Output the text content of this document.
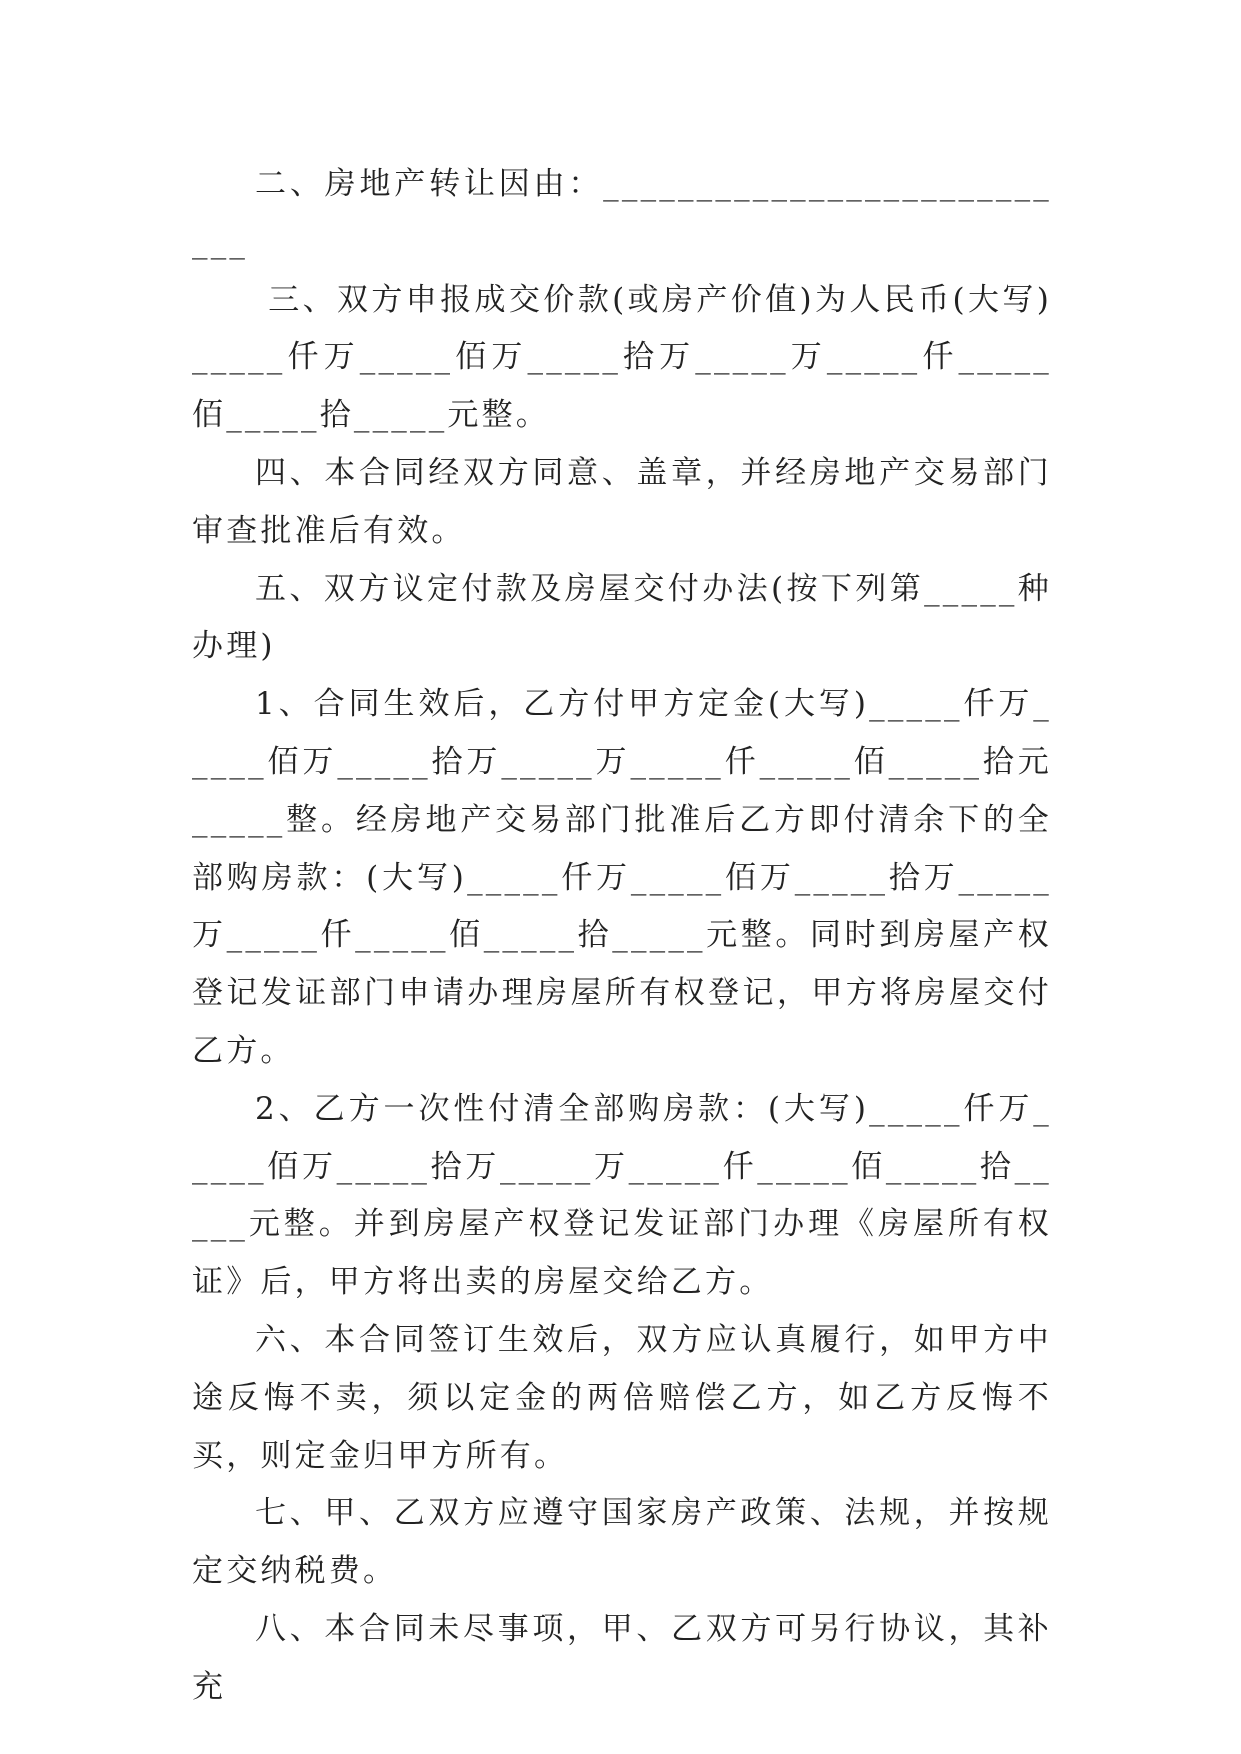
二、房地产转让因由：___________________________

三、双方申报成交价款(或房产价值)为人民币(大写)_____仟万_____佰万_____拾万_____万_____仟_____佰_____拾_____元整。

四、本合同经双方同意、盖章，并经房地产交易部门审查批准后有效。

五、双方议定付款及房屋交付办法(按下列第_____种办理)

1、合同生效后，乙方付甲方定金(大写)_____仟万_____佰万_____拾万_____万_____仟_____佰_____拾元_____整。经房地产交易部门批准后乙方即付清余下的全部购房款：(大写)_____仟万_____佰万_____拾万_____万_____仟_____佰_____拾_____元整。同时到房屋产权登记发证部门申请办理房屋所有权登记，甲方将房屋交付乙方。

2、乙方一次性付清全部购房款：(大写)_____仟万_____佰万_____拾万_____万_____仟_____佰_____拾_____元整。并到房屋产权登记发证部门办理《房屋所有权证》后，甲方将出卖的房屋交给乙方。

六、本合同签订生效后，双方应认真履行，如甲方中途反悔不卖，须以定金的两倍赔偿乙方，如乙方反悔不买，则定金归甲方所有。

七、甲、乙双方应遵守国家房产政策、法规，并按规定交纳税费。

八、本合同未尽事项，甲、乙双方可另行协议，其补充
